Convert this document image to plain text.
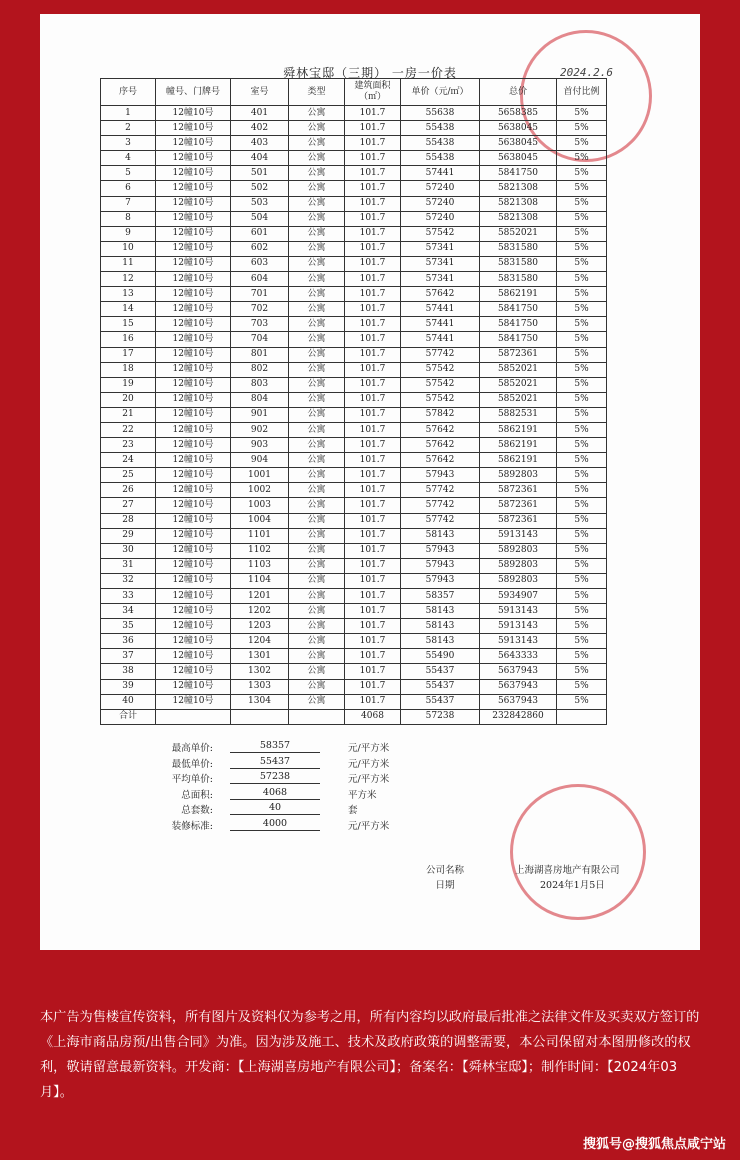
舜林宝邸（三期） 一房一价表	2024.2.6
序号	幢号、门牌号	室号	类型	建筑面积（㎡）	单价（元/㎡）	总价	首付比例
1	12幢10号	401	公寓	101.7	55638	5658385	5%
2	12幢10号	402	公寓	101.7	55438	5638045	5%
3	12幢10号	403	公寓	101.7	55438	5638045	5%
4	12幢10号	404	公寓	101.7	55438	5638045	5%
5	12幢10号	501	公寓	101.7	57441	5841750	5%
6	12幢10号	502	公寓	101.7	57240	5821308	5%
7	12幢10号	503	公寓	101.7	57240	5821308	5%
8	12幢10号	504	公寓	101.7	57240	5821308	5%
9	12幢10号	601	公寓	101.7	57542	5852021	5%
10	12幢10号	602	公寓	101.7	57341	5831580	5%
11	12幢10号	603	公寓	101.7	57341	5831580	5%
12	12幢10号	604	公寓	101.7	57341	5831580	5%
13	12幢10号	701	公寓	101.7	57642	5862191	5%
14	12幢10号	702	公寓	101.7	57441	5841750	5%
15	12幢10号	703	公寓	101.7	57441	5841750	5%
16	12幢10号	704	公寓	101.7	57441	5841750	5%
17	12幢10号	801	公寓	101.7	57742	5872361	5%
18	12幢10号	802	公寓	101.7	57542	5852021	5%
19	12幢10号	803	公寓	101.7	57542	5852021	5%
20	12幢10号	804	公寓	101.7	57542	5852021	5%
21	12幢10号	901	公寓	101.7	57842	5882531	5%
22	12幢10号	902	公寓	101.7	57642	5862191	5%
23	12幢10号	903	公寓	101.7	57642	5862191	5%
24	12幢10号	904	公寓	101.7	57642	5862191	5%
25	12幢10号	1001	公寓	101.7	57943	5892803	5%
26	12幢10号	1002	公寓	101.7	57742	5872361	5%
27	12幢10号	1003	公寓	101.7	57742	5872361	5%
28	12幢10号	1004	公寓	101.7	57742	5872361	5%
29	12幢10号	1101	公寓	101.7	58143	5913143	5%
30	12幢10号	1102	公寓	101.7	57943	5892803	5%
31	12幢10号	1103	公寓	101.7	57943	5892803	5%
32	12幢10号	1104	公寓	101.7	57943	5892803	5%
33	12幢10号	1201	公寓	101.7	58357	5934907	5%
34	12幢10号	1202	公寓	101.7	58143	5913143	5%
35	12幢10号	1203	公寓	101.7	58143	5913143	5%
36	12幢10号	1204	公寓	101.7	58143	5913143	5%
37	12幢10号	1301	公寓	101.7	55490	5643333	5%
38	12幢10号	1302	公寓	101.7	55437	5637943	5%
39	12幢10号	1303	公寓	101.7	55437	5637943	5%
40	12幢10号	1304	公寓	101.7	55437	5637943	5%
合计				4068	57238	232842860	
最高单价:	58357	元/平方米
最低单价:	55437	元/平方米
平均单价:	57238	元/平方米
总面积:	4068	平方米
总套数:	40	套
装修标准:	4000	元/平方米
公司名称	上海湖喜房地产有限公司
日期	2024年1月5日
本广告为售楼宣传资料，所有图片及资料仅为参考之用，所有内容均以政府最后批准之法律文件及买卖双方签订的《上海市商品房预/出售合同》为准。因为涉及施工、技术及政府政策的调整需要，本公司保留对本图册修改的权利，敬请留意最新资料。开发商：【上海湖喜房地产有限公司】；备案名：【舜林宝邸】；制作时间：【2024年03月】。
搜狐号@搜狐焦点咸宁站
